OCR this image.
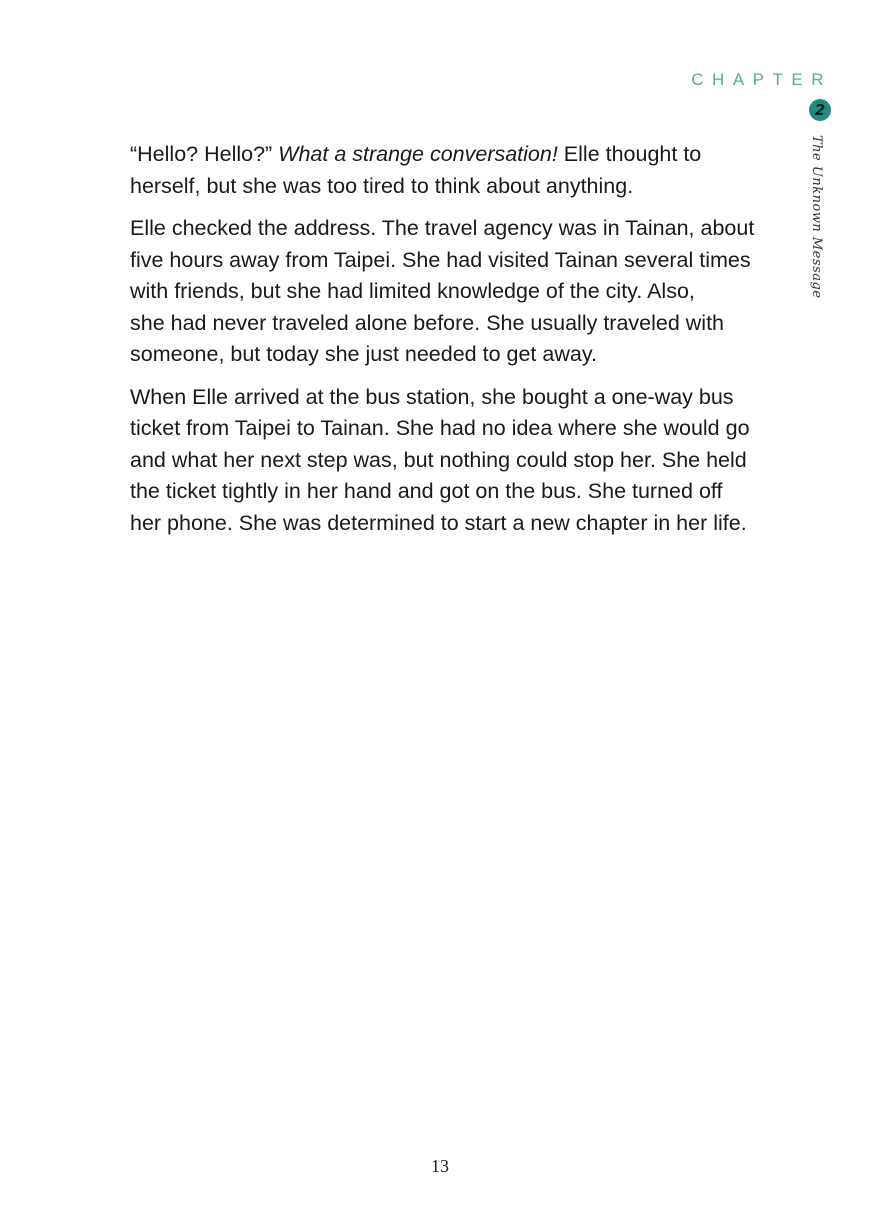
CHAPTER
2
The Unknown Message

“Hello? Hello?” What a strange conversation! Elle thought to
herself, but she was too tired to think about anything.

Elle checked the address. The travel agency was in Tainan, about
five hours away from Taipei. She had visited Tainan several times
with friends, but she had limited knowledge of the city. Also,
she had never traveled alone before. She usually traveled with
someone, but today she just needed to get away.

When Elle arrived at the bus station, she bought a one-way bus
ticket from Taipei to Tainan. She had no idea where she would go
and what her next step was, but nothing could stop her. She held
the ticket tightly in her hand and got on the bus. She turned off
her phone. She was determined to start a new chapter in her life.

13
